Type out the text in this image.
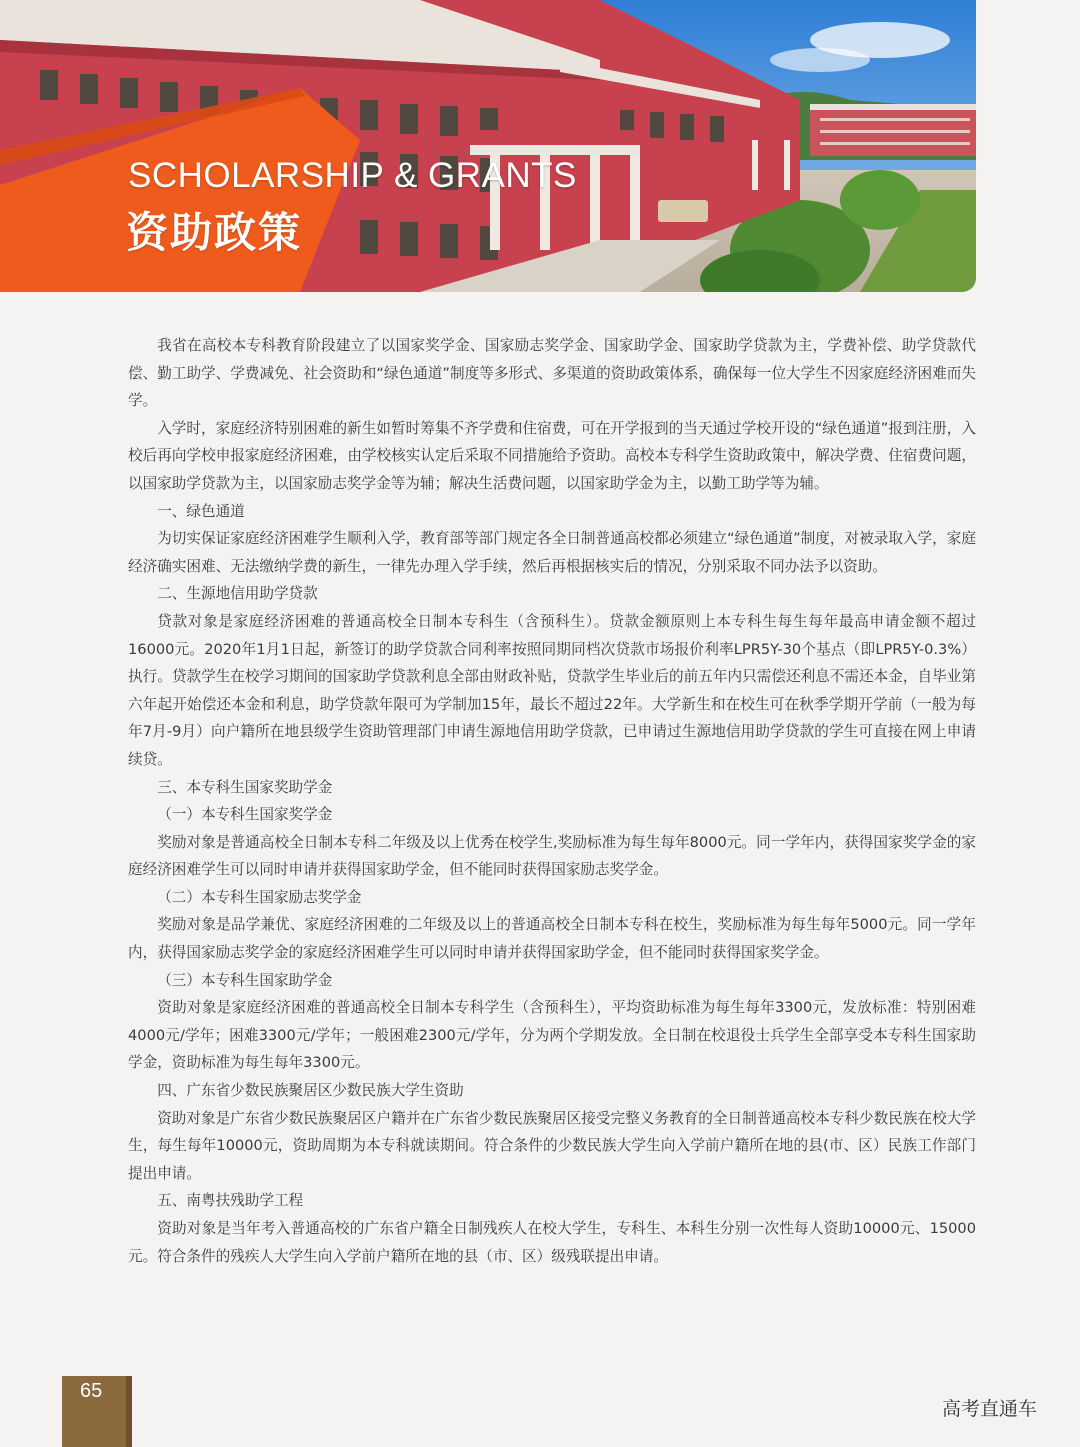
SCHOLARSHIP & GRANTS
资助政策

我省在高校本专科教育阶段建立了以国家奖学金、国家励志奖学金、国家助学金、国家助学贷款为主，学费补偿、助学贷款代偿、勤工助学、学费减免、社会资助和“绿色通道”制度等多形式、多渠道的资助政策体系，确保每一位大学生不因家庭经济困难而失学。

入学时，家庭经济特别困难的新生如暂时筹集不齐学费和住宿费，可在开学报到的当天通过学校开设的“绿色通道”报到注册，入校后再向学校申报家庭经济困难，由学校核实认定后采取不同措施给予资助。高校本专科学生资助政策中，解决学费、住宿费问题，以国家助学贷款为主，以国家励志奖学金等为辅；解决生活费问题，以国家助学金为主，以勤工助学等为辅。

一、绿色通道

为切实保证家庭经济困难学生顺利入学，教育部等部门规定各全日制普通高校都必须建立“绿色通道”制度，对被录取入学，家庭经济确实困难、无法缴纳学费的新生，一律先办理入学手续，然后再根据核实后的情况，分别采取不同办法予以资助。

二、生源地信用助学贷款

贷款对象是家庭经济困难的普通高校全日制本专科生（含预科生）。贷款金额原则上本专科生每生每年最高申请金额不超过16000元。2020年1月1日起，新签订的助学贷款合同利率按照同期同档次贷款市场报价利率LPR5Y-30个基点（即LPR5Y-0.3%）执行。贷款学生在校学习期间的国家助学贷款利息全部由财政补贴，贷款学生毕业后的前五年内只需偿还利息不需还本金，自毕业第六年起开始偿还本金和利息，助学贷款年限可为学制加15年，最长不超过22年。大学新生和在校生可在秋季学期开学前（一般为每年7月-9月）向户籍所在地县级学生资助管理部门申请生源地信用助学贷款，已申请过生源地信用助学贷款的学生可直接在网上申请续贷。

三、本专科生国家奖助学金

（一）本专科生国家奖学金

奖励对象是普通高校全日制本专科二年级及以上优秀在校学生,奖励标准为每生每年8000元。同一学年内，获得国家奖学金的家庭经济困难学生可以同时申请并获得国家助学金，但不能同时获得国家励志奖学金。

（二）本专科生国家励志奖学金

奖励对象是品学兼优、家庭经济困难的二年级及以上的普通高校全日制本专科在校生，奖励标准为每生每年5000元。同一学年内，获得国家励志奖学金的家庭经济困难学生可以同时申请并获得国家助学金，但不能同时获得国家奖学金。

（三）本专科生国家助学金

资助对象是家庭经济困难的普通高校全日制本专科学生（含预科生），平均资助标准为每生每年3300元，发放标准：特别困难4000元/学年；困难3300元/学年；一般困难2300元/学年，分为两个学期发放。全日制在校退役士兵学生全部享受本专科生国家助学金，资助标准为每生每年3300元。

四、广东省少数民族聚居区少数民族大学生资助

资助对象是广东省少数民族聚居区户籍并在广东省少数民族聚居区接受完整义务教育的全日制普通高校本专科少数民族在校大学生，每生每年10000元，资助周期为本专科就读期间。符合条件的少数民族大学生向入学前户籍所在地的县(市、区）民族工作部门提出申请。

五、南粤扶残助学工程

资助对象是当年考入普通高校的广东省户籍全日制残疾人在校大学生，专科生、本科生分别一次性每人资助10000元、15000元。符合条件的残疾人大学生向入学前户籍所在地的县（市、区）级残联提出申请。

65
高考直通车
